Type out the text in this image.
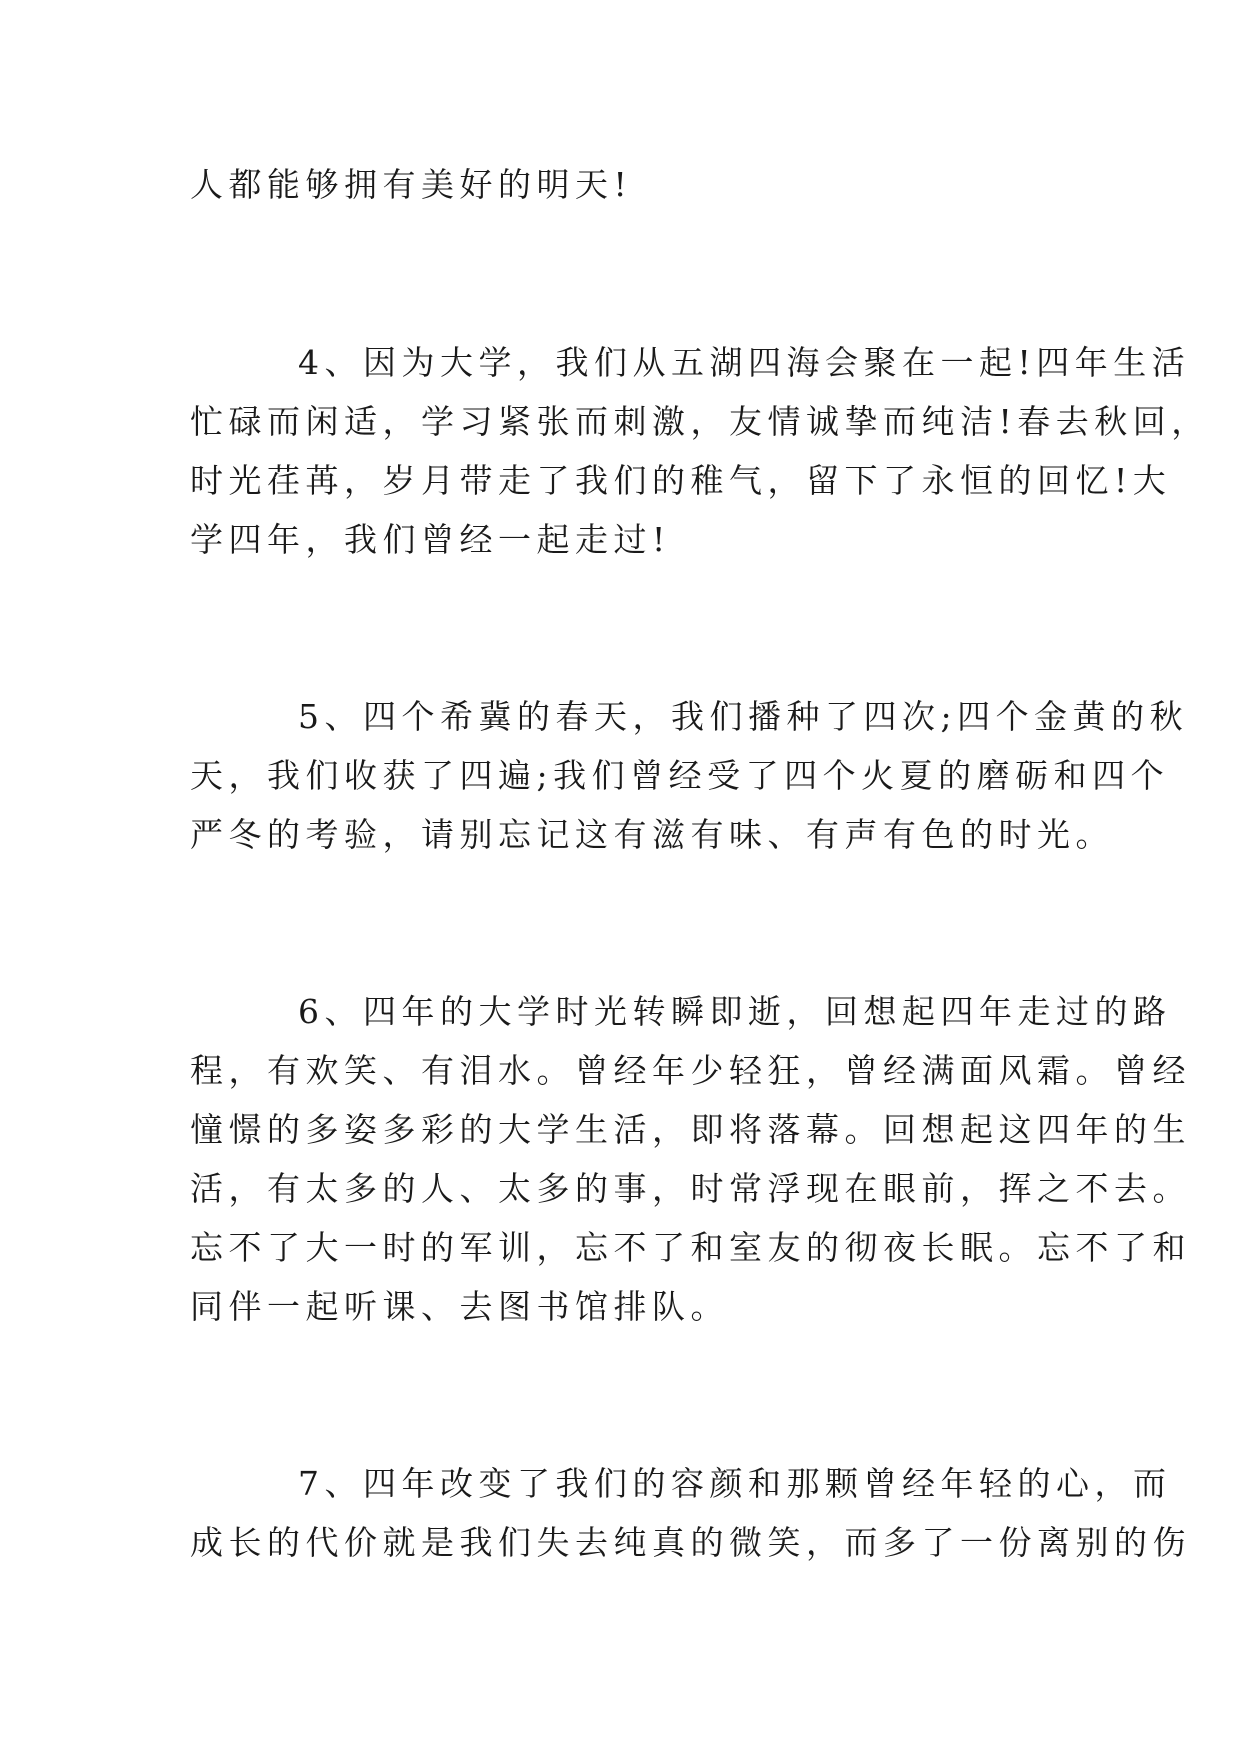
人都能够拥有美好的明天!
4、因为大学，我们从五湖四海会聚在一起!四年生活
忙碌而闲适，学习紧张而刺激，友情诚挚而纯洁!春去秋回，
时光荏苒，岁月带走了我们的稚气，留下了永恒的回忆!大
学四年，我们曾经一起走过!
5、四个希冀的春天，我们播种了四次;四个金黄的秋
天，我们收获了四遍;我们曾经受了四个火夏的磨砺和四个
严冬的考验，请别忘记这有滋有味、有声有色的时光。
6、四年的大学时光转瞬即逝，回想起四年走过的路
程，有欢笑、有泪水。曾经年少轻狂，曾经满面风霜。曾经
憧憬的多姿多彩的大学生活，即将落幕。回想起这四年的生
活，有太多的人、太多的事，时常浮现在眼前，挥之不去。
忘不了大一时的军训，忘不了和室友的彻夜长眠。忘不了和
同伴一起听课、去图书馆排队。
7、四年改变了我们的容颜和那颗曾经年轻的心，而
成长的代价就是我们失去纯真的微笑，而多了一份离别的伤
